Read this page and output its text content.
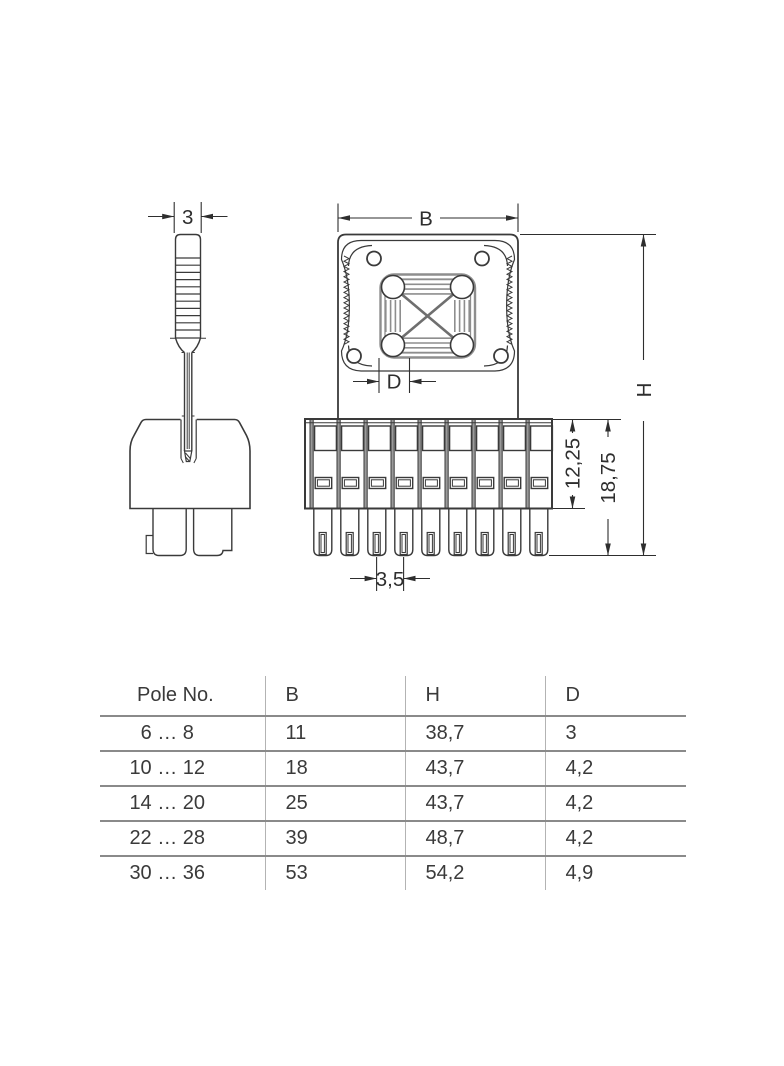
3	B
D
12,25 18,75
H
3,5
Pole No.	B	H	D
6 … 8	11	38,7	3
10 … 12	18	43,7	4,2
14 … 20	25	43,7	4,2
22 … 28	39	48,7	4,2
30 … 36	53	54,2	4,9
